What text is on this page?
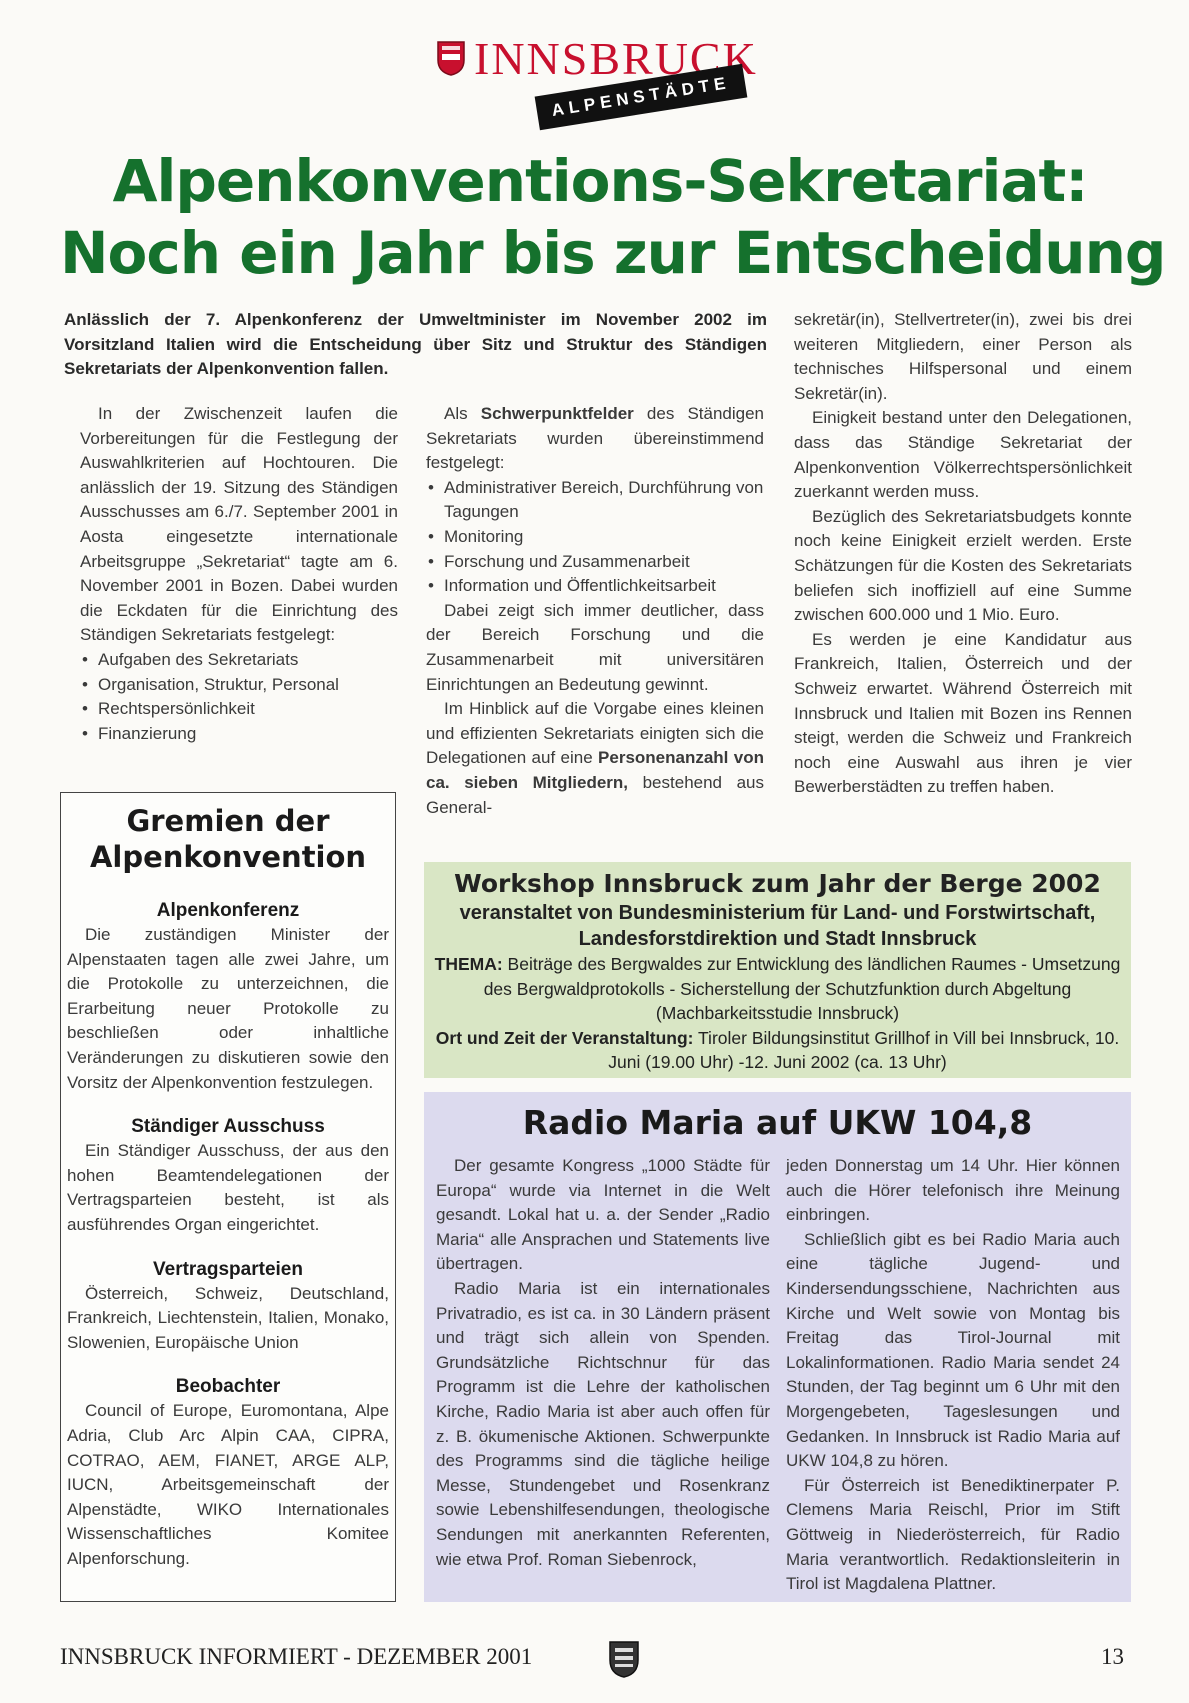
INNSBRUCK
ALPENSTÄDTE
Alpenkonventions-Sekretariat:
Noch ein Jahr bis zur Entscheidung
Anlässlich der 7. Alpenkonferenz der Umweltminister im November 2002 im Vorsitzland Italien wird die Entscheidung über Sitz und Struktur des Ständigen Sekretariats der Alpenkonvention fallen.

In der Zwischenzeit laufen die Vorbereitungen für die Festlegung der Auswahlkriterien auf Hochtouren. Die anlässlich der 19. Sitzung des Ständigen Ausschusses am 6./7. September 2001 in Aosta eingesetzte internationale Arbeitsgruppe „Sekretariat“ tagte am 6. November 2001 in Bozen. Dabei wurden die Eckdaten für die Einrichtung des Ständigen Sekretariats festgelegt:

• Aufgaben des Sekretariats
• Organisation, Struktur, Personal
• Rechtspersönlichkeit
• Finanzierung

Als Schwerpunktfelder des Ständigen Sekretariats wurden übereinstimmend festgelegt:

• Administrativer Bereich, Durchführung von Tagungen
• Monitoring
• Forschung und Zusammenarbeit
• Information und Öffentlichkeitsarbeit

Dabei zeigt sich immer deutlicher, dass der Bereich Forschung und die Zusammenarbeit mit universitären Einrichtungen an Bedeutung gewinnt.

Im Hinblick auf die Vorgabe eines kleinen und effizienten Sekretariats einigten sich die Delegationen auf eine Personenanzahl von ca. sieben Mitgliedern, bestehend aus General-

sekretär(in), Stellvertreter(in), zwei bis drei weiteren Mitgliedern, einer Person als technisches Hilfspersonal und einem Sekretär(in).

Einigkeit bestand unter den Delegationen, dass das Ständige Sekretariat der Alpenkonvention Völkerrechtspersönlichkeit zuerkannt werden muss.

Bezüglich des Sekretariatsbudgets konnte noch keine Einigkeit erzielt werden. Erste Schätzungen für die Kosten des Sekretariats beliefen sich inoffiziell auf eine Summe zwischen 600.000 und 1 Mio. Euro.

Es werden je eine Kandidatur aus Frankreich, Italien, Österreich und der Schweiz erwartet. Während Österreich mit Innsbruck und Italien mit Bozen ins Rennen steigt, werden die Schweiz und Frankreich noch eine Auswahl aus ihren je vier Bewerberstädten zu treffen haben.

Gremien der
Alpenkonvention
Alpenkonferenz

Die zuständigen Minister der Alpenstaaten tagen alle zwei Jahre, um die Protokolle zu unterzeichnen, die Erarbeitung neuer Protokolle zu beschließen oder inhaltliche Veränderungen zu diskutieren sowie den Vorsitz der Alpenkonvention festzulegen.

Ständiger Ausschuss

Ein Ständiger Ausschuss, der aus den hohen Beamtendelegationen der Vertragsparteien besteht, ist als ausführendes Organ eingerichtet.

Vertragsparteien

Österreich, Schweiz, Deutschland, Frankreich, Liechtenstein, Italien, Monako, Slowenien, Europäische Union

Beobachter

Council of Europe, Euromontana, Alpe Adria, Club Arc Alpin CAA, CIPRA, COTRAO, AEM, FIANET, ARGE ALP, IUCN, Arbeitsgemeinschaft der Alpenstädte, WIKO Internationales Wissenschaftliches Komitee Alpenforschung.

Workshop Innsbruck zum Jahr der Berge 2002
veranstaltet von Bundesministerium für Land- und Forstwirtschaft, Landesforstdirektion und Stadt Innsbruck
THEMA: Beiträge des Bergwaldes zur Entwicklung des ländlichen Raumes - Umsetzung des Bergwaldprotokolls - Sicherstellung der Schutzfunktion durch Abgeltung (Machbarkeitsstudie Innsbruck)
Ort und Zeit der Veranstaltung: Tiroler Bildungsinstitut Grillhof in Vill bei Innsbruck, 10. Juni (19.00 Uhr) -12. Juni 2002 (ca. 13 Uhr)
Radio Maria auf UKW 104,8

Der gesamte Kongress „1000 Städte für Europa“ wurde via Internet in die Welt gesandt. Lokal hat u. a. der Sender „Radio Maria“ alle Ansprachen und Statements live übertragen.

Radio Maria ist ein internationales Privatradio, es ist ca. in 30 Ländern präsent und trägt sich allein von Spenden. Grundsätzliche Richtschnur für das Programm ist die Lehre der katholischen Kirche, Radio Maria ist aber auch offen für z. B. ökumenische Aktionen. Schwerpunkte des Programms sind die tägliche heilige Messe, Stundengebet und Rosenkranz sowie Lebenshilfesendungen, theologische Sendungen mit anerkannten Referenten, wie etwa Prof. Roman Siebenrock,

jeden Donnerstag um 14 Uhr. Hier können auch die Hörer telefonisch ihre Meinung einbringen.

Schließlich gibt es bei Radio Maria auch eine tägliche Jugend- und Kindersendungsschiene, Nachrichten aus Kirche und Welt sowie von Montag bis Freitag das Tirol-Journal mit Lokalinformationen. Radio Maria sendet 24 Stunden, der Tag beginnt um 6 Uhr mit den Morgengebeten, Tageslesungen und Gedanken. In Innsbruck ist Radio Maria auf UKW 104,8 zu hören.

Für Österreich ist Benediktinerpater P. Clemens Maria Reischl, Prior im Stift Göttweig in Niederösterreich, für Radio Maria verantwortlich. Redaktionsleiterin in Tirol ist Magdalena Plattner.

INNSBRUCK INFORMIERT - DEZEMBER 2001	13
